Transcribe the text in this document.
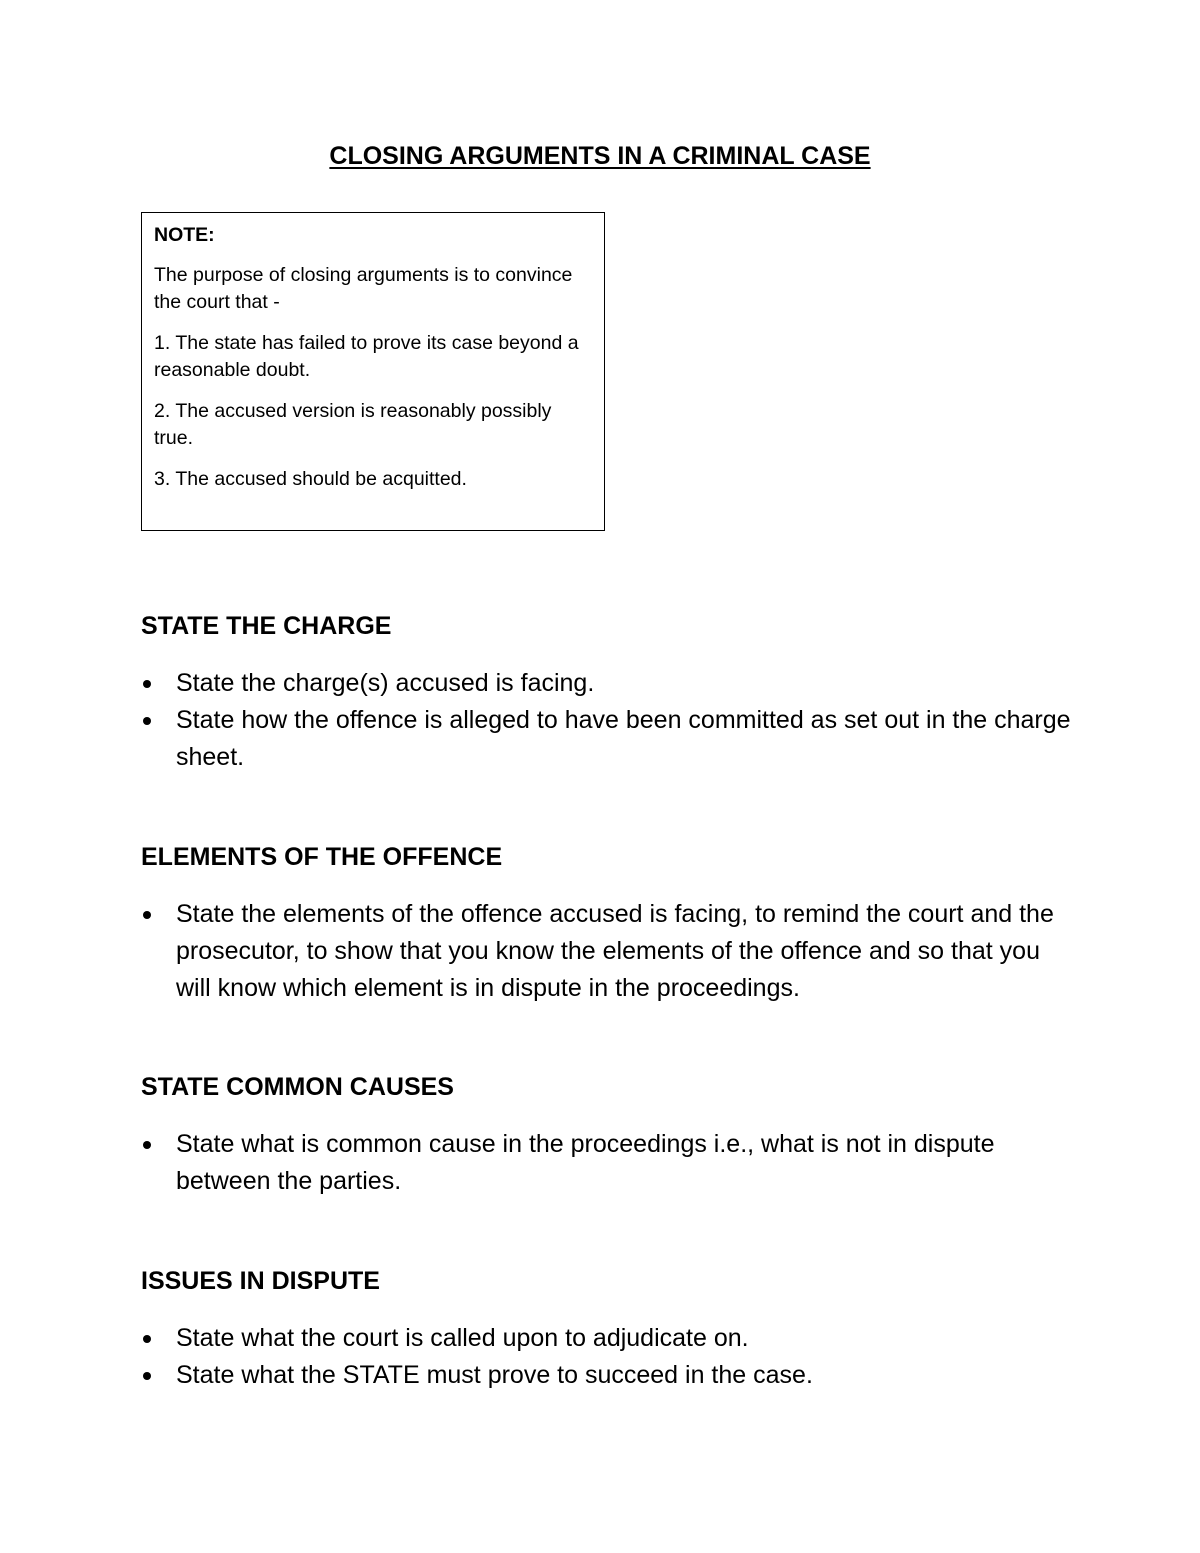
CLOSING ARGUMENTS IN A CRIMINAL CASE
NOTE:

The purpose of closing arguments is to convince the court that -

1. The state has failed to prove its case beyond a reasonable doubt.

2. The accused version is reasonably possibly true.

3. The accused should be acquitted.

STATE THE CHARGE
State the charge(s) accused is facing.
State how the offence is alleged to have been committed as set out in the charge sheet.
ELEMENTS OF THE OFFENCE
State the elements of the offence accused is facing, to remind the court and the prosecutor, to show that you know the elements of the offence and so that you will know which element is in dispute in the proceedings.
STATE COMMON CAUSES
State what is common cause in the proceedings i.e., what is not in dispute between the parties.
ISSUES IN DISPUTE
State what the court is called upon to adjudicate on.
State what the STATE must prove to succeed in the case.
